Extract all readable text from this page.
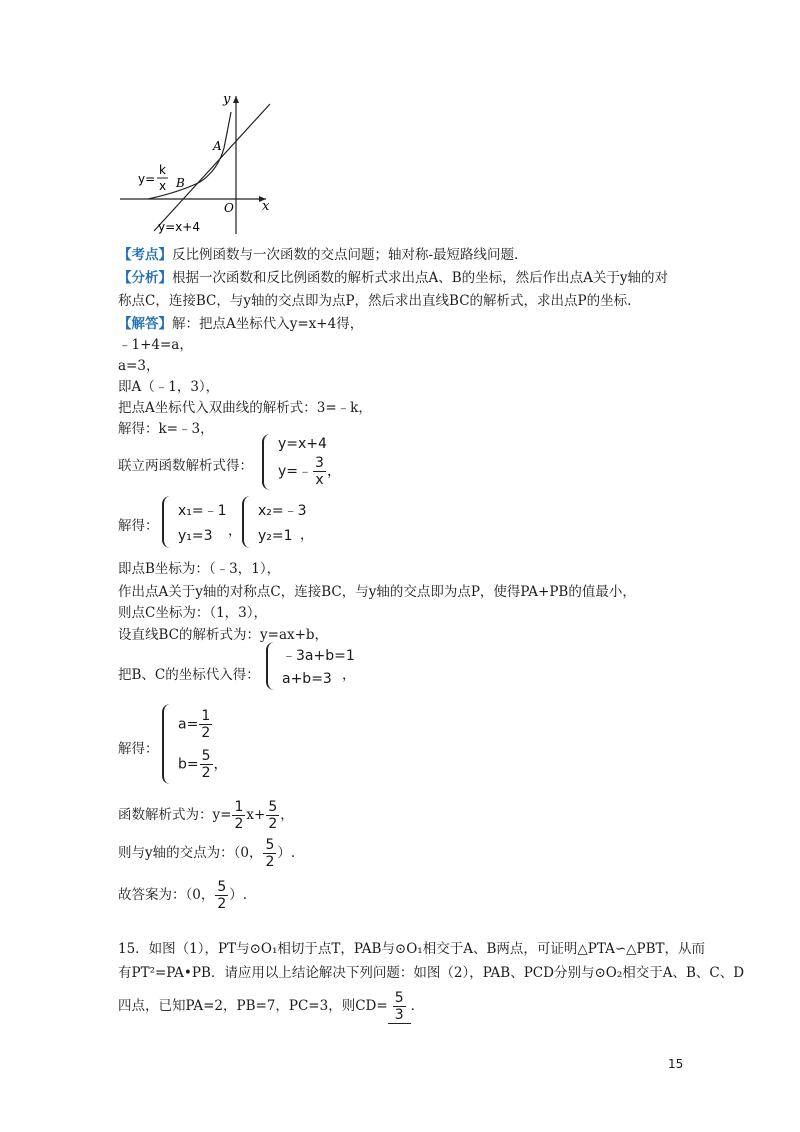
y
x
O
A
B
y=
k
x
y=x+4
【考点】反比例函数与一次函数的交点问题；轴对称-最短路线问题.
【分析】根据一次函数和反比例函数的解析式求出点A、B的坐标，然后作出点A关于y轴的对
称点C，连接BC，与y轴的交点即为点P，然后求出直线BC的解析式，求出点P的坐标.
【解答】解：把点A坐标代入y=x+4得，
﹣1+4=a，
a=3，
即A（﹣1，3），
把点A坐标代入双曲线的解析式：3=﹣k，
解得：k=﹣3，
联立两函数解析式得：
y=x+4
y=﹣ $\frac{3}{x}$ ，
解得：
x₁=﹣1
y₁=3	，
x₂=﹣3
y₂=1 ，
即点B坐标为：（﹣3，1），
作出点A关于y轴的对称点C，连接BC，与y轴的交点即为点P，使得PA+PB的值最小，
则点C坐标为：（1，3），
设直线BC的解析式为：y=ax+b，
把B、C的坐标代入得：
﹣3a+b=1
a+b=3 ，
解得：
$a= \frac{1}{2}$
$b= \frac{5}{2}$ ，
函数解析式为：$y= \frac{1}{2} x+ \frac{5}{2}$ ，
则与y轴的交点为：（0， $\frac{5}{2}$ ）.
故答案为：（0， $\frac{5}{2}$ ）.
15．如图（1），PT与⊙O₁相切于点T，PAB与⊙O₁相交于A、B两点，可证明△PTA∽△PBT，从而
有PT²=PA•PB．请应用以上结论解决下列问题：如图（2），PAB、PCD分别与⊙O₂相交于A、B、C、D
四点，已知PA=2，PB=7，PC=3，则$CD= \frac{5}{3}$ ．
15
